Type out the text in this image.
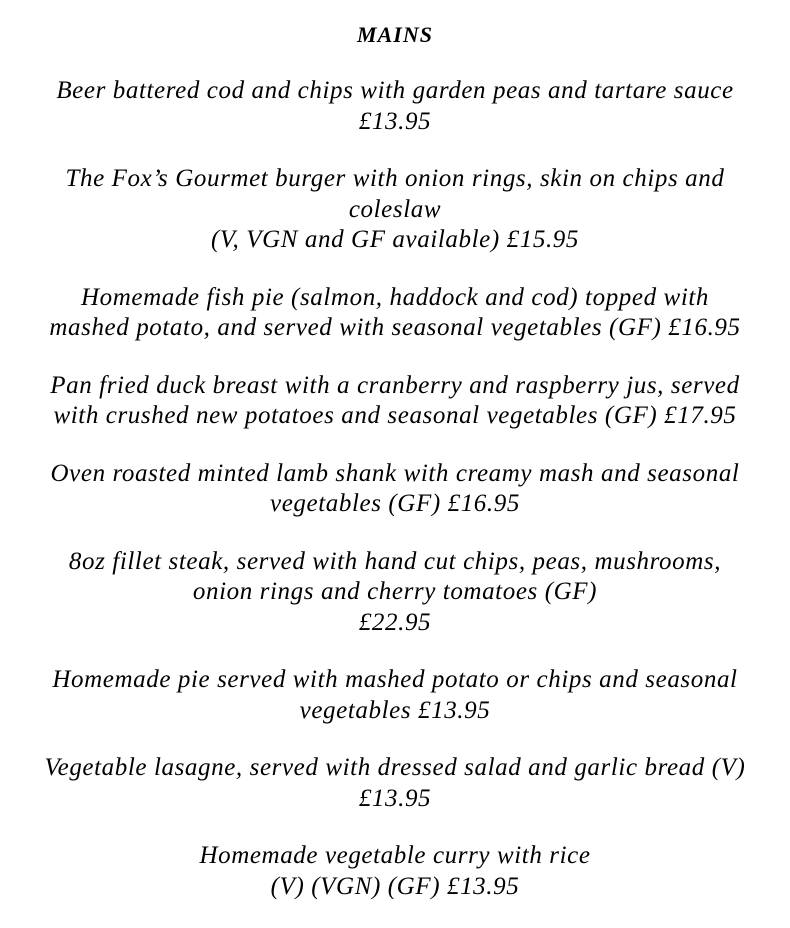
MAINS
Beer battered cod and chips with garden peas and tartare sauce
£13.95
The Fox’s Gourmet burger with onion rings, skin on chips and
coleslaw
(V, VGN and GF available) £15.95
Homemade fish pie (salmon, haddock and cod) topped with
mashed potato, and served with seasonal vegetables (GF) £16.95
Pan fried duck breast with a cranberry and raspberry jus, served
with crushed new potatoes and seasonal vegetables (GF) £17.95
Oven roasted minted lamb shank with creamy mash and seasonal
vegetables (GF) £16.95
8oz fillet steak, served with hand cut chips, peas, mushrooms,
onion rings and cherry tomatoes (GF)
£22.95
Homemade pie served with mashed potato or chips and seasonal
vegetables £13.95
Vegetable lasagne, served with dressed salad and garlic bread (V)
£13.95
Homemade vegetable curry with rice
(V) (VGN) (GF) £13.95
